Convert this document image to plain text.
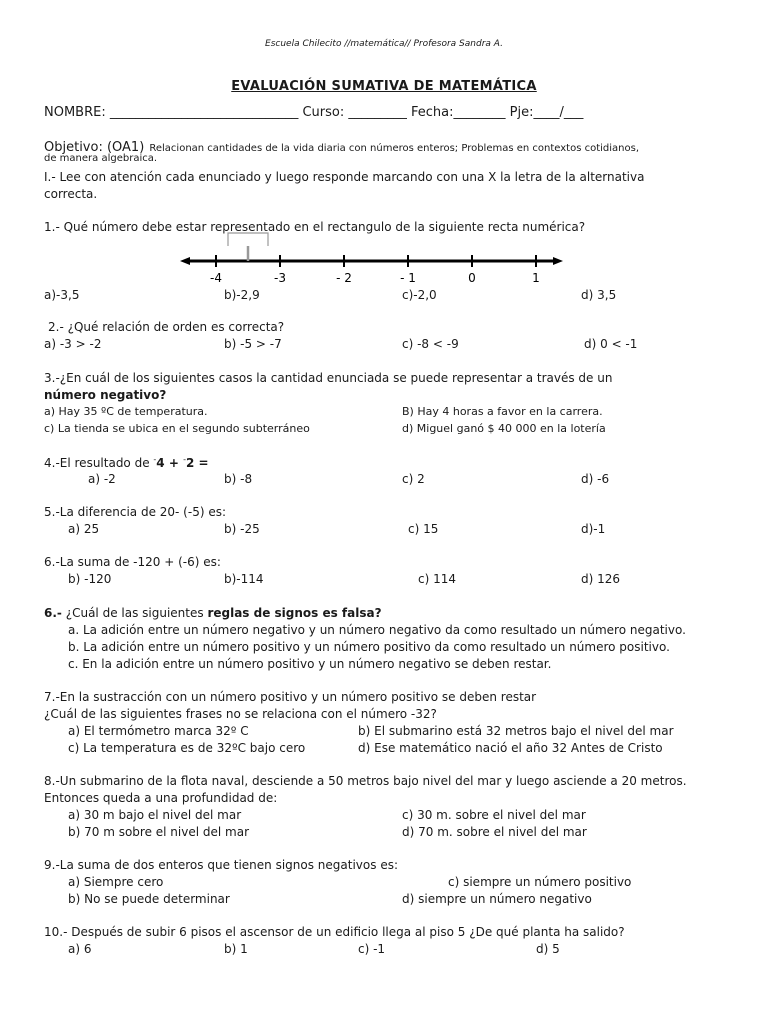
Escuela Chilecito //matemática// Profesora Sandra A.
EVALUACIÓN SUMATIVA DE MATEMÁTICA
NOMBRE: _____________________________ Curso: _________ Fecha:________ Pje:____/___
Objetivo: (OA1) Relacionan cantidades de la vida diaria con números enteros; Problemas en contextos cotidianos,
de manera algebraica.
I.- Lee con atención cada enunciado y luego responde marcando con una X la letra de la alternativa
correcta.
1.- Qué número debe estar representado en el rectangulo de la siguiente recta numérica?
-4	-3	- 2	- 1	0	1
a)-3,5	b)-2,9	c)-2,0	d) 3,5
2.- ¿Qué relación de orden es correcta?
a) -3 > -2	b) -5 > -7	c) -8 < -9	d) 0 < -1
3.-¿En cuál de los siguientes casos la cantidad enunciada se puede representar a través de un
número negativo?
a) Hay 35 ºC de temperatura.	B) Hay 4 horas a favor en la carrera.
c) La tienda se ubica en el segundo subterráneo	d) Miguel ganó $ 40 000 en la lotería
4.-El resultado de -4 + -2 =
a) -2	b) -8	c) 2	d) -6
5.-La diferencia de 20- (-5) es:
a) 25	b) -25	c) 15	d)-1
6.-La suma de -120 + (-6) es:
b) -120	b)-114	c) 114	d) 126
6.- ¿Cuál de las siguientes reglas de signos es falsa?
a. La adición entre un número negativo y un número negativo da como resultado un número negativo.
b. La adición entre un número positivo y un número positivo da como resultado un número positivo.
c. En la adición entre un número positivo y un número negativo se deben restar.
7.-En la sustracción con un número positivo y un número positivo se deben restar
¿Cuál de las siguientes frases no se relaciona con el número -32?
a) El termómetro marca 32º C	b) El submarino está 32 metros bajo el nivel del mar
c) La temperatura es de 32ºC bajo cero	d) Ese matemático nació el año 32 Antes de Cristo
8.-Un submarino de la flota naval, desciende a 50 metros bajo nivel del mar y luego asciende a 20 metros.
Entonces queda a una profundidad de:
a) 30 m bajo el nivel del mar	c) 30 m. sobre el nivel del mar
b) 70 m sobre el nivel del mar	d) 70 m. sobre el nivel del mar
9.-La suma de dos enteros que tienen signos negativos es:
a) Siempre cero	c) siempre un número positivo
b) No se puede determinar	d) siempre un número negativo
10.- Después de subir 6 pisos el ascensor de un edificio llega al piso 5 ¿De qué planta ha salido?
a) 6	b) 1	c) -1	d) 5
